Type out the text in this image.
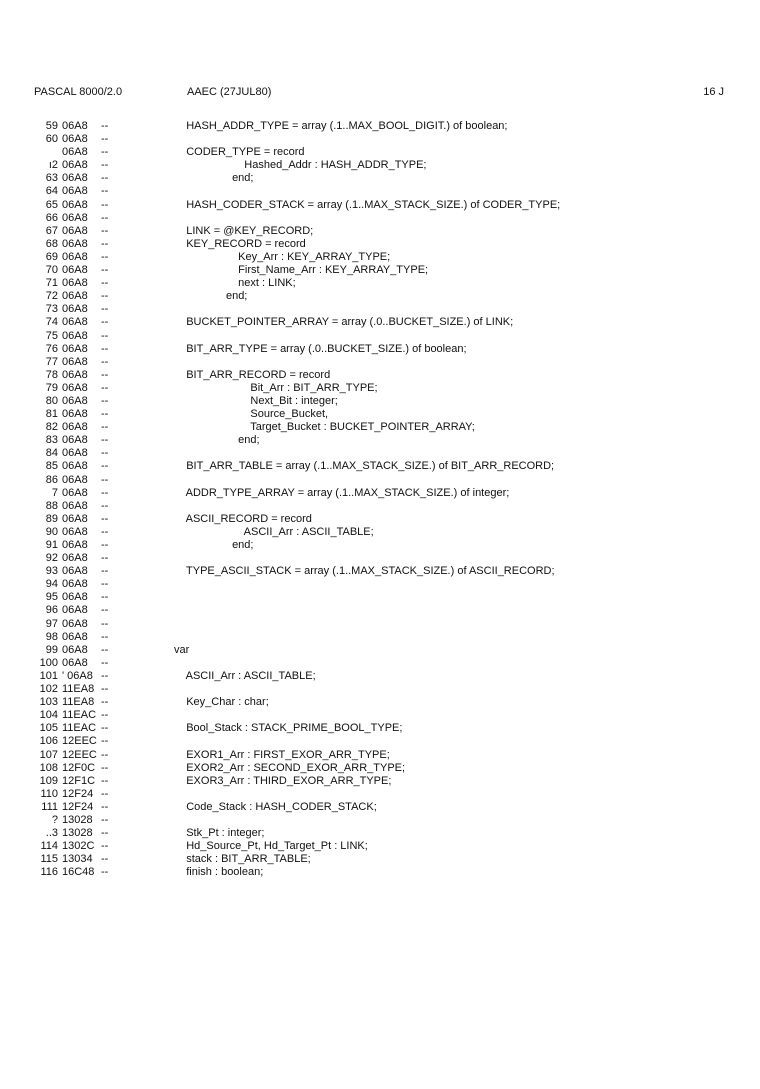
PASCAL 8000/2.0	AAEC (27JUL80)	16 J
59 06A8 --	HASH_ADDR_TYPE = array (.1..MAX_BOOL_DIGIT.) of boolean;
60 06A8 --
06A8 --	CODER_TYPE = record
ı2 06A8 --	Hashed_Addr : HASH_ADDR_TYPE;
63 06A8 --	end;
64 06A8 --
65 06A8 --	HASH_CODER_STACK = array (.1..MAX_STACK_SIZE.) of CODER_TYPE;
66 06A8 --
67 06A8 --	LINK = @KEY_RECORD;
68 06A8 --	KEY_RECORD = record
69 06A8 --	Key_Arr : KEY_ARRAY_TYPE;
70 06A8 --	First_Name_Arr : KEY_ARRAY_TYPE;
71 06A8 --	next : LINK;
72 06A8 --	end;
73 06A8 --
74 06A8 --	BUCKET_POINTER_ARRAY = array (.0..BUCKET_SIZE.) of LINK;
75 06A8 --
76 06A8 --	BIT_ARR_TYPE = array (.0..BUCKET_SIZE.) of boolean;
77 06A8 --
78 06A8 --	BIT_ARR_RECORD = record
79 06A8 --	Bit_Arr : BIT_ARR_TYPE;
80 06A8 --	Next_Bit : integer;
81 06A8 --	Source_Bucket,
82 06A8 --	Target_Bucket : BUCKET_POINTER_ARRAY;
83 06A8 --	end;
84 06A8 --
85 06A8 --	BIT_ARR_TABLE = array (.1..MAX_STACK_SIZE.) of BIT_ARR_RECORD;
86 06A8 --
7 06A8 --	ADDR_TYPE_ARRAY = array (.1..MAX_STACK_SIZE.) of integer;
88 06A8 --
89 06A8 --	ASCII_RECORD = record
90 06A8 --	ASCII_Arr : ASCII_TABLE;
91 06A8 --	end;
92 06A8 --
93 06A8 --	TYPE_ASCII_STACK = array (.1..MAX_STACK_SIZE.) of ASCII_RECORD;
94 06A8 --
95 06A8 --
96 06A8 --
97 06A8 --
98 06A8 --
99 06A8 --	var
100 06A8 --
101 ' 06A8 --	ASCII_Arr : ASCII_TABLE;
102 11EA8 --
103 11EA8 --	Key_Char : char;
104 11EAC --
105 11EAC --	Bool_Stack : STACK_PRIME_BOOL_TYPE;
106 12EEC --
107 12EEC --	EXOR1_Arr : FIRST_EXOR_ARR_TYPE;
108 12F0C --	EXOR2_Arr : SECOND_EXOR_ARR_TYPE;
109 12F1C --	EXOR3_Arr : THIRD_EXOR_ARR_TYPE;
110 12F24 --
111 12F24 --	Code_Stack : HASH_CODER_STACK;
? 13028 --
..3 13028 --	Stk_Pt : integer;
114 1302C --	Hd_Source_Pt, Hd_Target_Pt : LINK;
115 13034 --	stack : BIT_ARR_TABLE;
116 16C48 --	finish : boolean;
